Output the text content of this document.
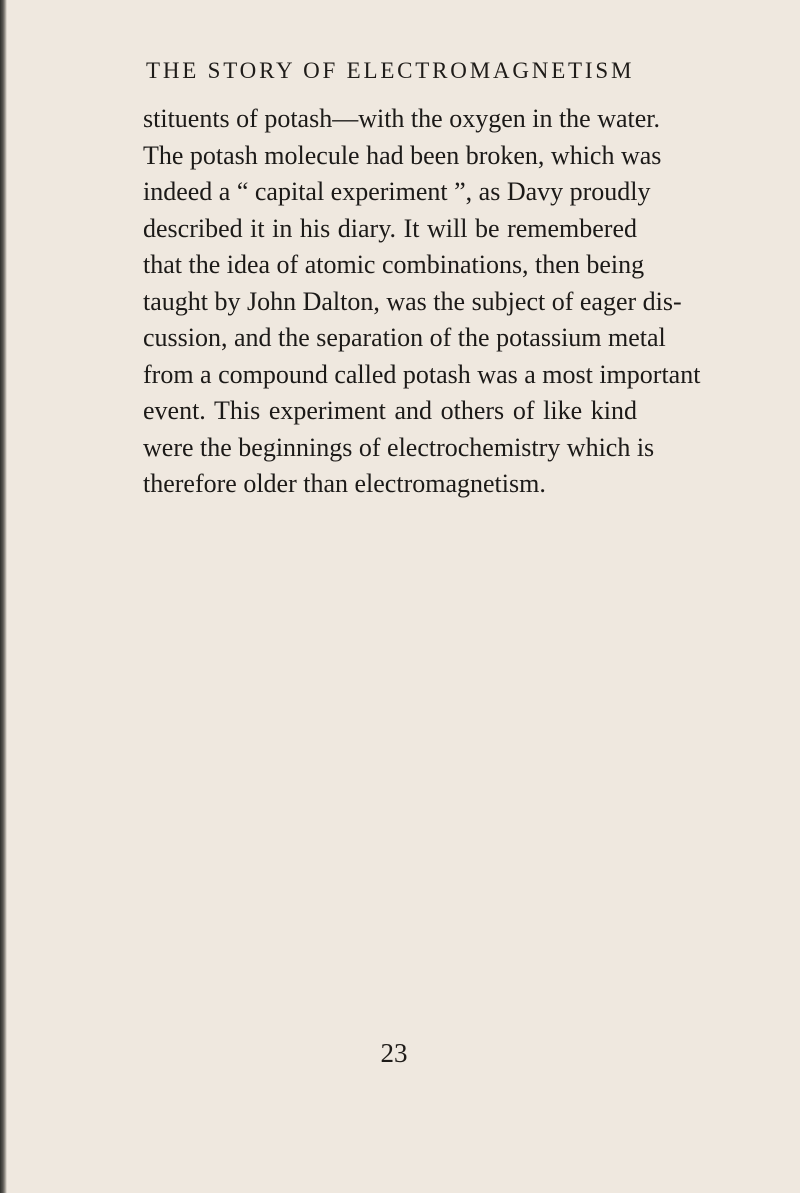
THE STORY OF ELECTROMAGNETISM
stituents of potash—with the oxygen in the water.
The potash molecule had been broken, which was
indeed a “ capital experiment ”, as Davy proudly
described it in his diary. It will be remembered
that the idea of atomic combinations, then being
taught by John Dalton, was the subject of eager dis-
cussion, and the separation of the potassium metal
from a compound called potash was a most important
event. This experiment and others of like kind
were the beginnings of electrochemistry which is
therefore older than electromagnetism.
23
